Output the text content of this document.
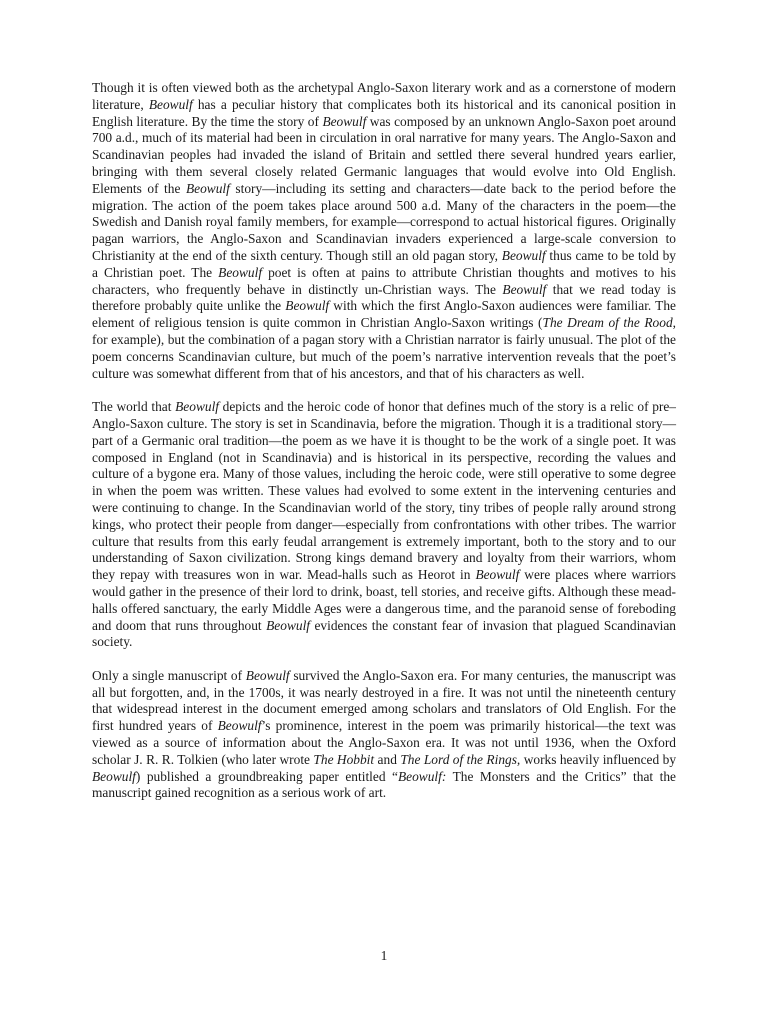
Though it is often viewed both as the archetypal Anglo-Saxon literary work and as a cornerstone of modern literature, Beowulf has a peculiar history that complicates both its historical and its canonical position in English literature. By the time the story of Beowulf was composed by an unknown Anglo-Saxon poet around 700 a.d., much of its material had been in circulation in oral narrative for many years. The Anglo-Saxon and Scandinavian peoples had invaded the island of Britain and settled there several hundred years earlier, bringing with them several closely related Germanic languages that would evolve into Old English. Elements of the Beowulf story—including its setting and characters—date back to the period before the migration. The action of the poem takes place around 500 a.d. Many of the characters in the poem—the Swedish and Danish royal family members, for example—correspond to actual historical figures. Originally pagan warriors, the Anglo-Saxon and Scandinavian invaders experienced a large-scale conversion to Christianity at the end of the sixth century. Though still an old pagan story, Beowulf thus came to be told by a Christian poet. The Beowulf poet is often at pains to attribute Christian thoughts and motives to his characters, who frequently behave in distinctly un-Christian ways. The Beowulf that we read today is therefore probably quite unlike the Beowulf with which the first Anglo-Saxon audiences were familiar. The element of religious tension is quite common in Christian Anglo-Saxon writings (The Dream of the Rood, for example), but the combination of a pagan story with a Christian narrator is fairly unusual. The plot of the poem concerns Scandinavian culture, but much of the poem’s narrative intervention reveals that the poet’s culture was somewhat different from that of his ancestors, and that of his characters as well.

The world that Beowulf depicts and the heroic code of honor that defines much of the story is a relic of pre–Anglo-Saxon culture. The story is set in Scandinavia, before the migration. Though it is a traditional story—part of a Germanic oral tradition—the poem as we have it is thought to be the work of a single poet. It was composed in England (not in Scandinavia) and is historical in its perspective, recording the values and culture of a bygone era. Many of those values, including the heroic code, were still operative to some degree in when the poem was written. These values had evolved to some extent in the intervening centuries and were continuing to change. In the Scandinavian world of the story, tiny tribes of people rally around strong kings, who protect their people from danger—especially from confrontations with other tribes. The warrior culture that results from this early feudal arrangement is extremely important, both to the story and to our understanding of Saxon civilization. Strong kings demand bravery and loyalty from their warriors, whom they repay with treasures won in war. Mead-halls such as Heorot in Beowulf were places where warriors would gather in the presence of their lord to drink, boast, tell stories, and receive gifts. Although these mead-halls offered sanctuary, the early Middle Ages were a dangerous time, and the paranoid sense of foreboding and doom that runs throughout Beowulf evidences the constant fear of invasion that plagued Scandinavian society.

Only a single manuscript of Beowulf survived the Anglo-Saxon era. For many centuries, the manuscript was all but forgotten, and, in the 1700s, it was nearly destroyed in a fire. It was not until the nineteenth century that widespread interest in the document emerged among scholars and translators of Old English. For the first hundred years of Beowulf’s prominence, interest in the poem was primarily historical—the text was viewed as a source of information about the Anglo-Saxon era. It was not until 1936, when the Oxford scholar J. R. R. Tolkien (who later wrote The Hobbit and The Lord of the Rings, works heavily influenced by Beowulf) published a groundbreaking paper entitled “Beowulf: The Monsters and the Critics” that the manuscript gained recognition as a serious work of art.

1
